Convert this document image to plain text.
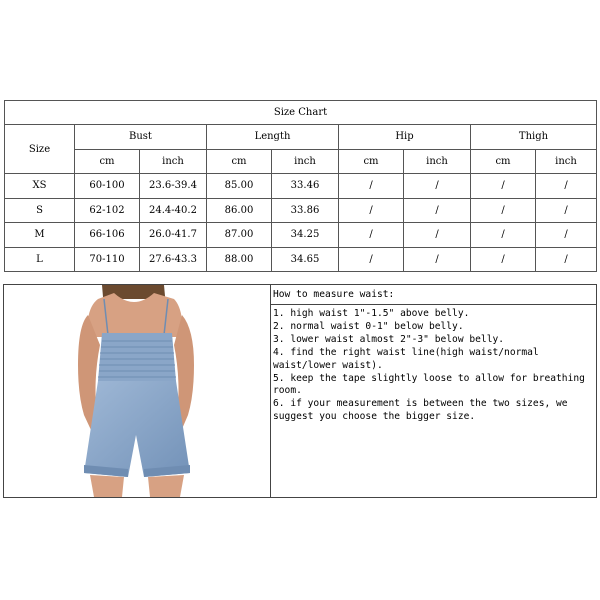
Size Chart								
Size	Bust		Length		Hip		Thigh	
	cm	inch	cm	inch	cm	inch	cm	inch
XS	60-100	23.6-39.4	85.00	33.46	/	/	/	/
S	62-102	24.4-40.2	86.00	33.86	/	/	/	/
M	66-106	26.0-41.7	87.00	34.25	/	/	/	/
L	70-110	27.6-43.3	88.00	34.65	/	/	/	/
How to measure waist:
1. high waist 1"-1.5" above belly.
2. normal waist 0-1" below belly.
3. lower waist almost 2"-3" below belly.
4. find the right waist line(high waist/normal waist/lower waist).
5. keep the tape slightly loose to allow for breathing room.
6. if your measurement is between the two sizes, we suggest you choose the bigger size.
